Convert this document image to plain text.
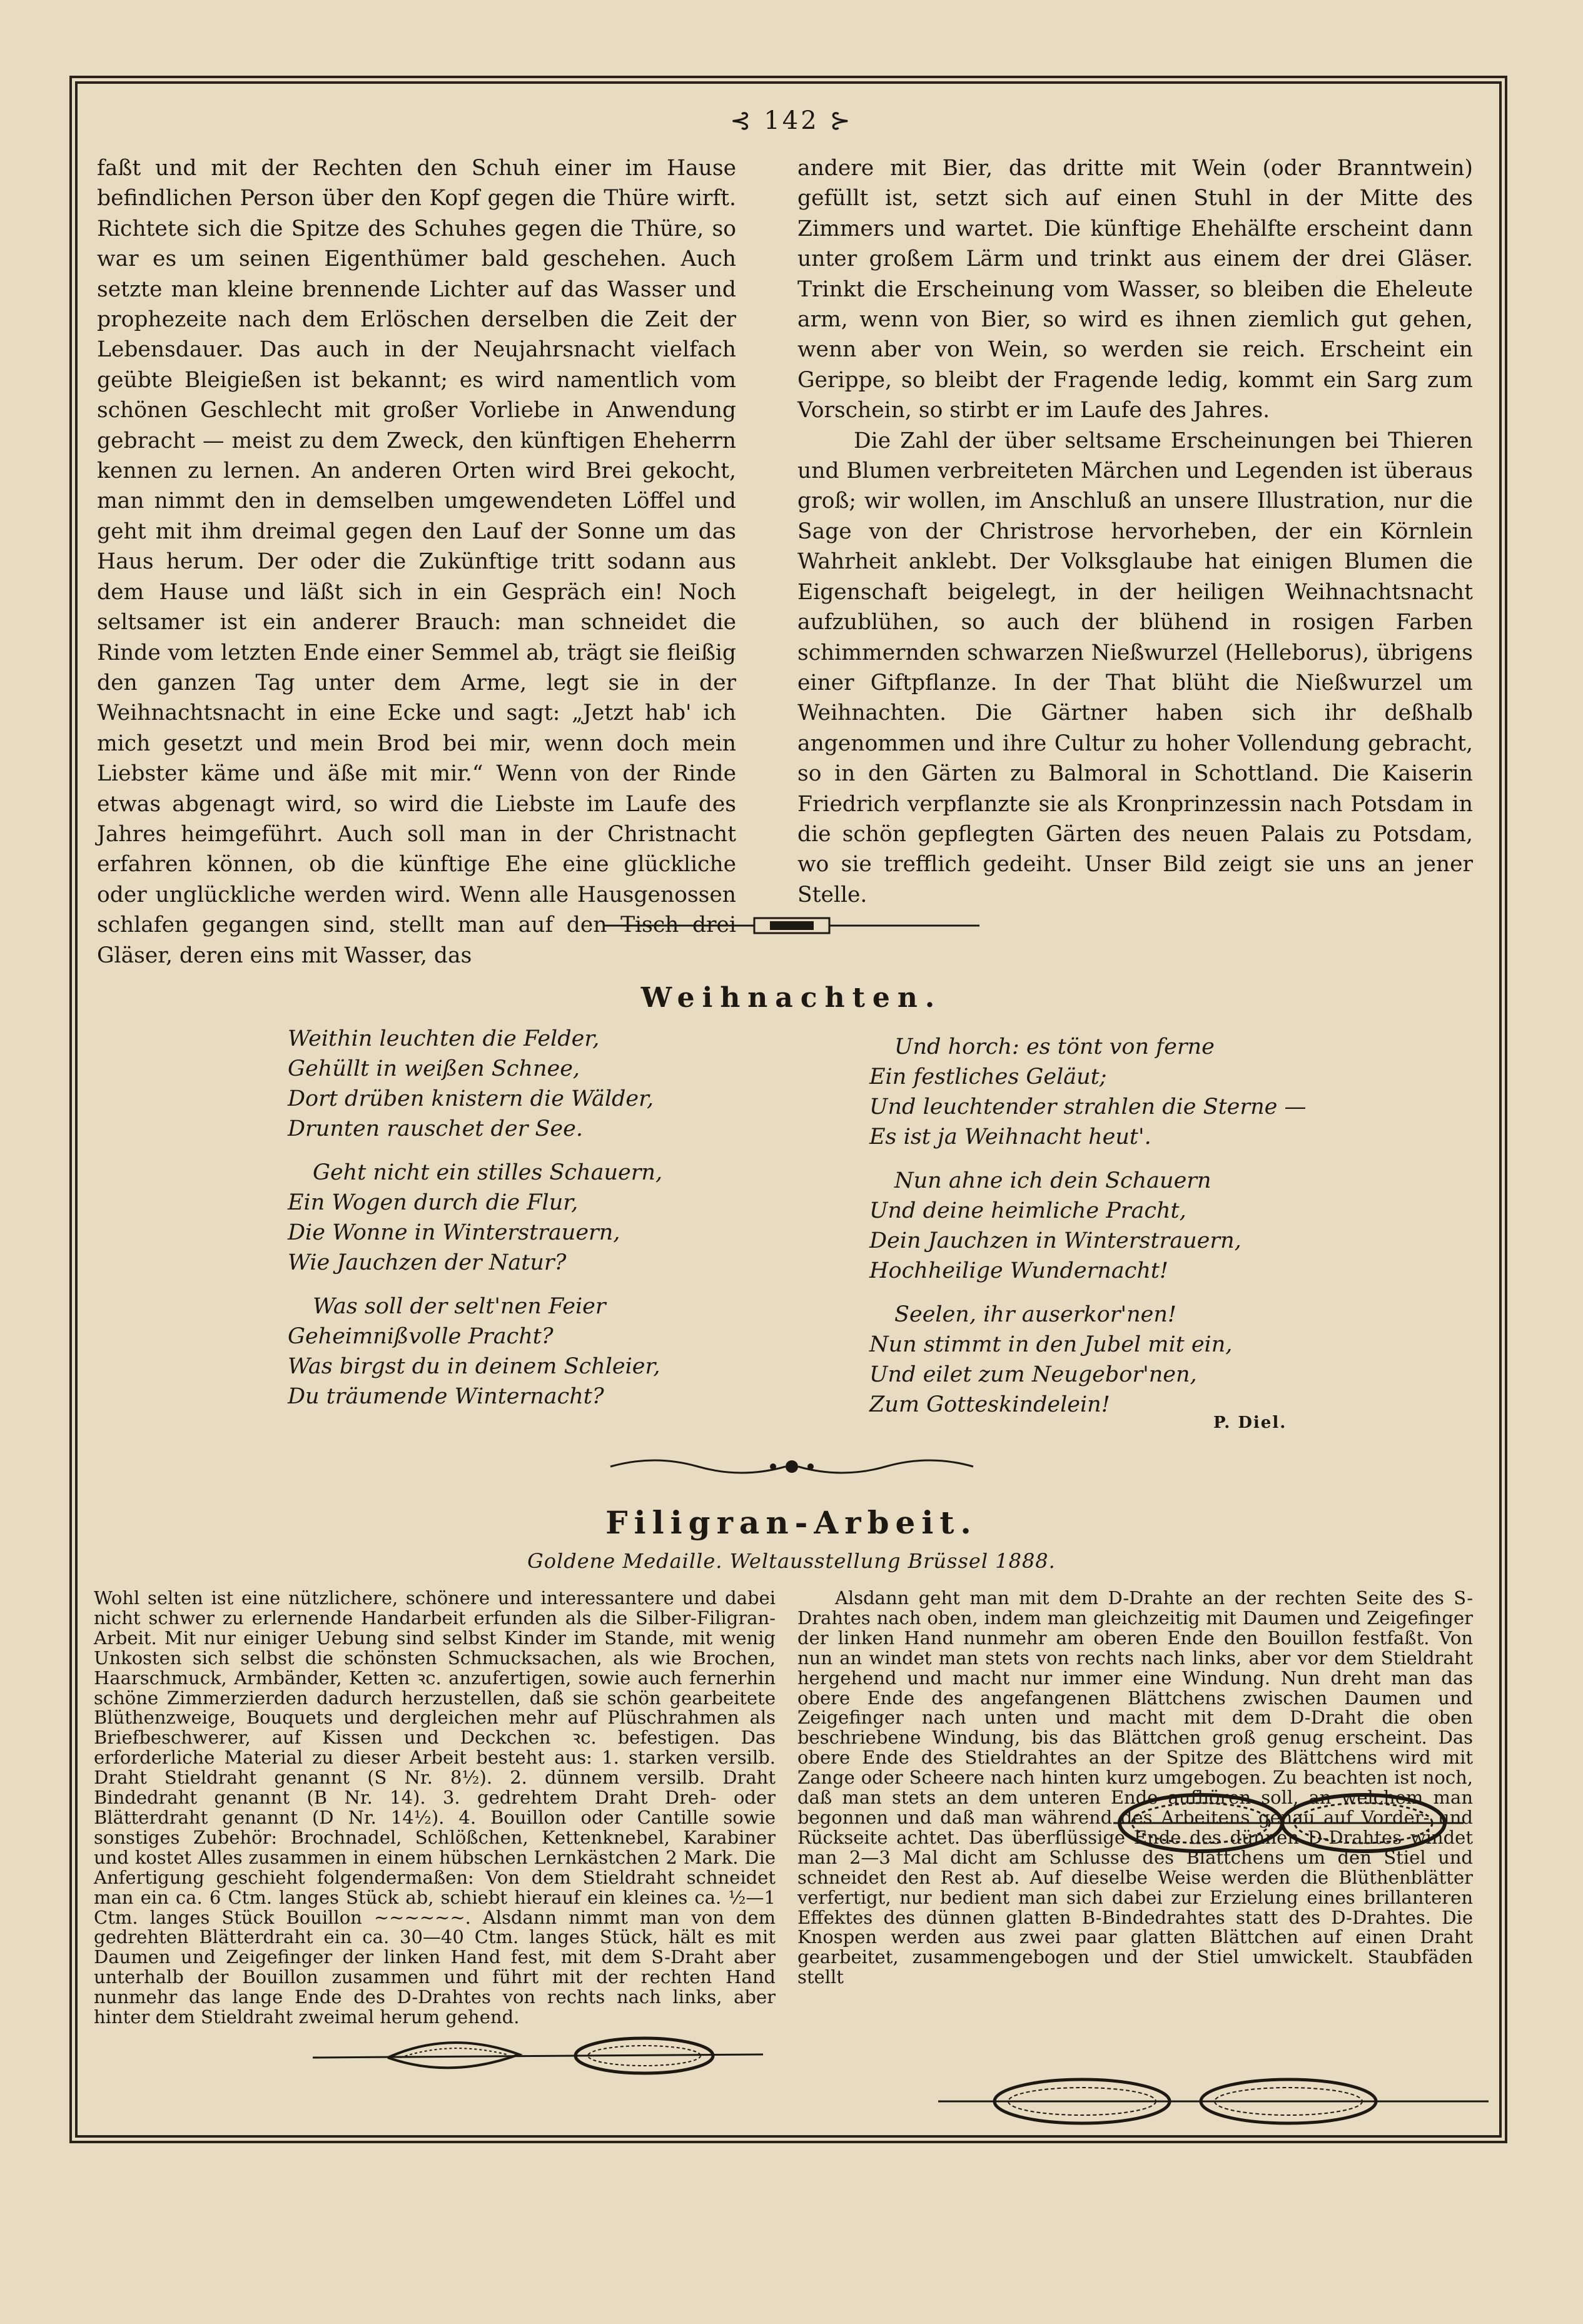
⊰ 142 ⊱

faßt und mit der Rechten den Schuh einer im Hause befindlichen Person über den Kopf gegen die Thüre wirft. Richtete sich die Spitze des Schuhes gegen die Thüre, so war es um seinen Eigenthümer bald geschehen. Auch setzte man kleine brennende Lichter auf das Wasser und prophezeite nach dem Erlöschen derselben die Zeit der Lebensdauer. Das auch in der Neujahrsnacht vielfach geübte Bleigießen ist bekannt; es wird namentlich vom schönen Geschlecht mit großer Vorliebe in Anwendung gebracht — meist zu dem Zweck, den künftigen Eheherrn kennen zu lernen. An anderen Orten wird Brei gekocht, man nimmt den in demselben umgewendeten Löffel und geht mit ihm dreimal gegen den Lauf der Sonne um das Haus herum. Der oder die Zukünftige tritt sodann aus dem Hause und läßt sich in ein Gespräch ein! Noch seltsamer ist ein anderer Brauch: man schneidet die Rinde vom letzten Ende einer Semmel ab, trägt sie fleißig den ganzen Tag unter dem Arme, legt sie in der Weihnachtsnacht in eine Ecke und sagt: „Jetzt hab' ich mich gesetzt und mein Brod bei mir, wenn doch mein Liebster käme und äße mit mir.“ Wenn von der Rinde etwas abgenagt wird, so wird die Liebste im Laufe des Jahres heimgeführt. Auch soll man in der Christnacht erfahren können, ob die künftige Ehe eine glückliche oder unglückliche werden wird. Wenn alle Hausgenossen schlafen gegangen sind, stellt man auf den Tisch drei Gläser, deren eins mit Wasser, das

andere mit Bier, das dritte mit Wein (oder Branntwein) gefüllt ist, setzt sich auf einen Stuhl in der Mitte des Zimmers und wartet. Die künftige Ehehälfte erscheint dann unter großem Lärm und trinkt aus einem der drei Gläser. Trinkt die Erscheinung vom Wasser, so bleiben die Eheleute arm, wenn von Bier, so wird es ihnen ziemlich gut gehen, wenn aber von Wein, so werden sie reich. Erscheint ein Gerippe, so bleibt der Fragende ledig, kommt ein Sarg zum Vorschein, so stirbt er im Laufe des Jahres.

Die Zahl der über seltsame Erscheinungen bei Thieren und Blumen verbreiteten Märchen und Legenden ist überaus groß; wir wollen, im Anschluß an unsere Illustration, nur die Sage von der Christrose hervorheben, der ein Körnlein Wahrheit anklebt. Der Volksglaube hat einigen Blumen die Eigenschaft beigelegt, in der heiligen Weihnachtsnacht aufzublühen, so auch der blühend in rosigen Farben schimmernden schwarzen Nießwurzel (Helleborus), übrigens einer Giftpflanze. In der That blüht die Nießwurzel um Weihnachten. Die Gärtner haben sich ihr deßhalb angenommen und ihre Cultur zu hoher Vollendung gebracht, so in den Gärten zu Balmoral in Schottland. Die Kaiserin Friedrich verpflanzte sie als Kronprinzessin nach Potsdam in die schön gepflegten Gärten des neuen Palais zu Potsdam, wo sie trefflich gedeiht. Unser Bild zeigt sie uns an jener Stelle.

Weihnachten.
Weithin leuchten die Felder,
Gehüllt in weißen Schnee,
Dort drüben knistern die Wälder,
Drunten rauschet der See.
Geht nicht ein stilles Schauern,
Ein Wogen durch die Flur,
Die Wonne in Winterstrauern,
Wie Jauchzen der Natur?
Was soll der selt'nen Feier
Geheimnißvolle Pracht?
Was birgst du in deinem Schleier,
Du träumende Winternacht?
Und horch: es tönt von ferne
Ein festliches Geläut;
Und leuchtender strahlen die Sterne —
Es ist ja Weihnacht heut'.
Nun ahne ich dein Schauern
Und deine heimliche Pracht,
Dein Jauchzen in Winterstrauern,
Hochheilige Wundernacht!
Seelen, ihr auserkor'nen!
Nun stimmt in den Jubel mit ein,
Und eilet zum Neugebor'nen,
Zum Gotteskindelein!
P. Diel.
Filigran-Arbeit.
Goldene Medaille. Weltausstellung Brüssel 1888.

Wohl selten ist eine nützlichere, schönere und interessantere und dabei nicht schwer zu erlernende Handarbeit erfunden als die Silber-Filigran-Arbeit. Mit nur einiger Uebung sind selbst Kinder im Stande, mit wenig Unkosten sich selbst die schönsten Schmucksachen, als wie Brochen, Haarschmuck, Armbänder, Ketten ꝛc. anzufertigen, sowie auch fernerhin schöne Zimmerzierden dadurch herzustellen, daß sie schön gearbeitete Blüthenzweige, Bouquets und dergleichen mehr auf Plüschrahmen als Briefbeschwerer, auf Kissen und Deckchen ꝛc. befestigen. Das erforderliche Material zu dieser Arbeit besteht aus: 1. starken versilb. Draht Stieldraht genannt (S Nr. 8½). 2. dünnem versilb. Draht Bindedraht genannt (B Nr. 14). 3. gedrehtem Draht Dreh- oder Blätterdraht genannt (D Nr. 14½). 4. Bouillon oder Cantille sowie sonstiges Zubehör: Brochnadel, Schlößchen, Kettenknebel, Karabiner und kostet Alles zusammen in einem hübschen Lernkästchen 2 Mark. Die Anfertigung geschieht folgendermaßen: Von dem Stieldraht schneidet man ein ca. 6 Ctm. langes Stück ab, schiebt hierauf ein kleines ca. ½—1 Ctm. langes Stück Bouillon ~~~~~~. Alsdann nimmt man von dem gedrehten Blätterdraht ein ca. 30—40 Ctm. langes Stück, hält es mit Daumen und Zeigefinger der linken Hand fest, mit dem S-Draht aber unterhalb der Bouillon zusammen und führt mit der rechten Hand nunmehr das lange Ende des D-Drahtes von rechts nach links, aber hinter dem Stieldraht zweimal herum gehend.

Alsdann geht man mit dem D-Drahte an der rechten Seite des S-Drahtes nach oben, indem man gleichzeitig mit Daumen und Zeigefinger der linken Hand nunmehr am oberen Ende den Bouillon festfaßt. Von nun an windet man stets von rechts nach links, aber vor dem Stieldraht hergehend und macht nur immer eine Windung. Nun dreht man das obere Ende des angefangenen Blättchens zwischen Daumen und Zeigefinger nach unten und macht mit dem D-Draht die oben beschriebene Windung, bis das Blättchen groß genug erscheint. Das obere Ende des Stieldrahtes an der Spitze des Blättchens wird mit Zange oder Scheere nach hinten kurz umgebogen. Zu beachten ist noch, daß man stets an dem unteren Ende aufhören soll, an welchem man begonnen und daß man während des Arbeitens genau auf Vorder- und Rückseite achtet. Das überflüssige Ende des dünnen D-Drahtes windet man 2—3 Mal dicht am Schlusse des Blättchens um den Stiel und schneidet den Rest ab. Auf dieselbe Weise werden die Blüthenblätter verfertigt, nur bedient man sich dabei zur Erzielung eines brillanteren Effektes des dünnen glatten B-Bindedrahtes statt des D-Drahtes. Die Knospen werden aus zwei paar glatten Blättchen auf einen Draht gearbeitet, zusammengebogen und der Stiel umwickelt. Staubfäden stellt
